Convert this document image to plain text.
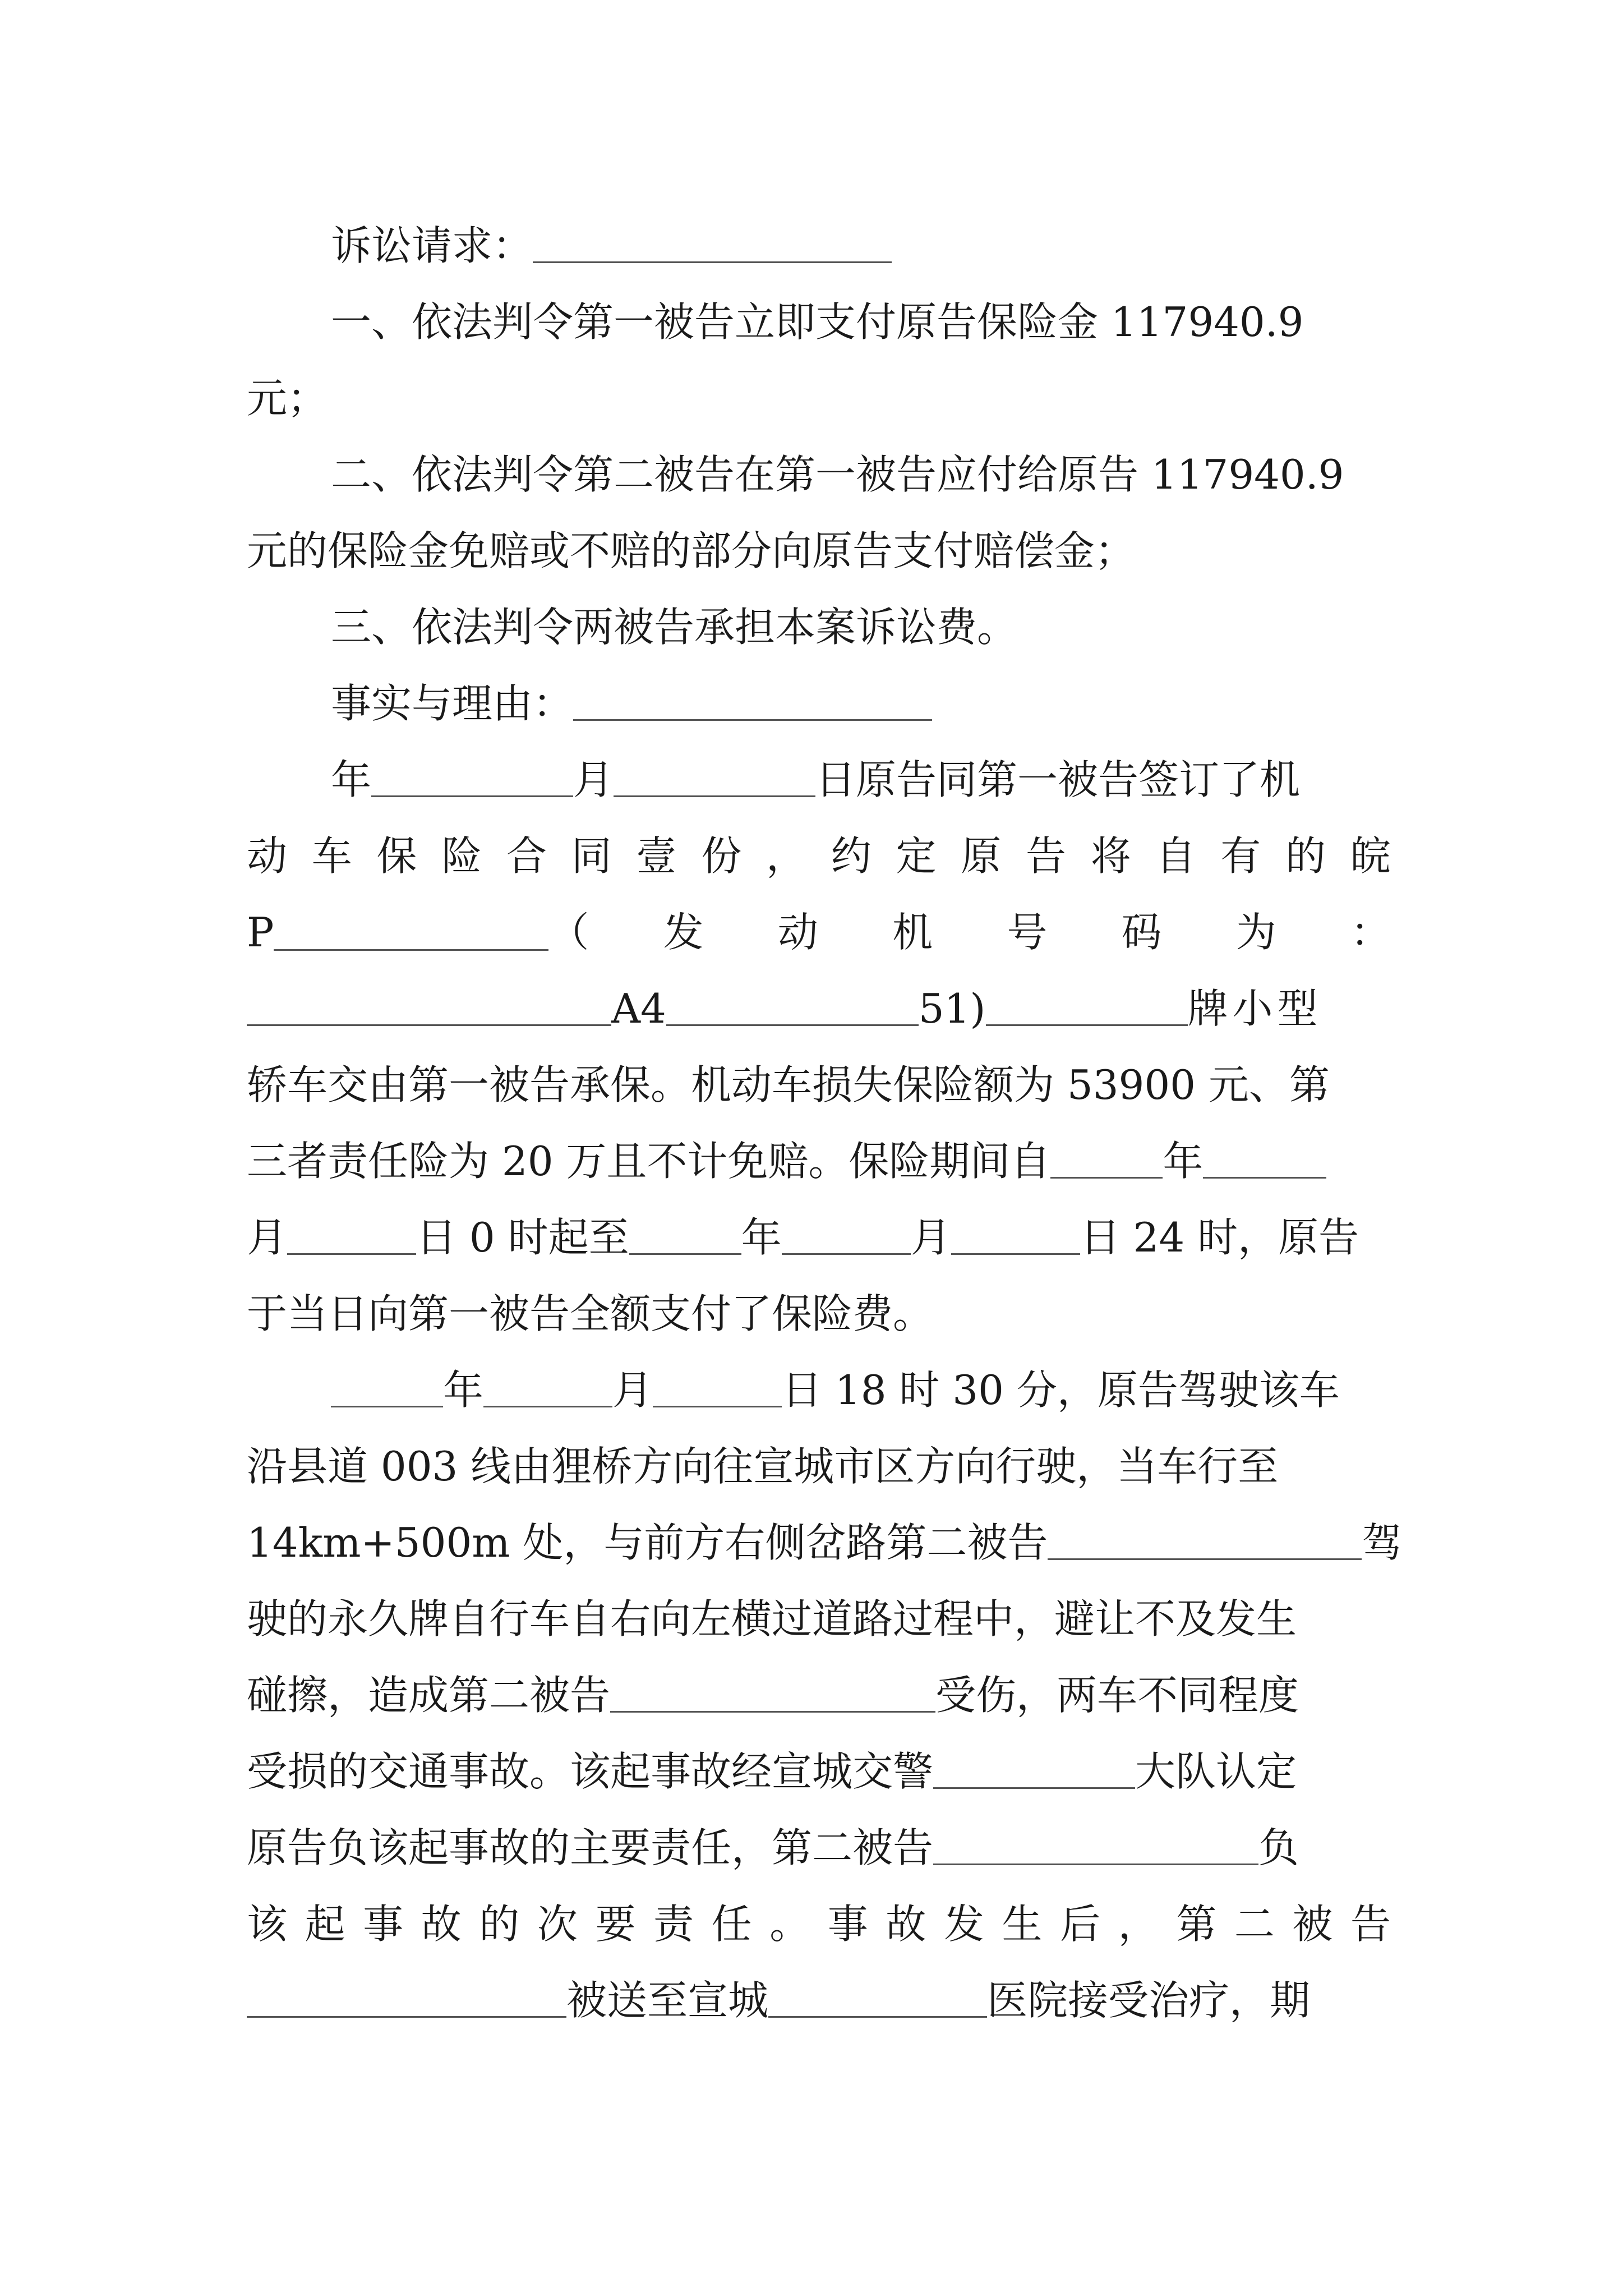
诉讼请求：
一、依法判令第一被告立即支付原告保险金 117940.9
元；
二、依法判令第二被告在第一被告应付给原告 117940.9
元的保险金免赔或不赔的部分向原告支付赔偿金；
三、依法判令两被告承担本案诉讼费。
事实与理由：
年	月	日原告同第一被告签订了机
动 车 保 险 合 同 壹 份 ， 约 定 原 告 将 自 有 的 皖
P	（ 发 动 机 号 码 为 ：
A4	51)	牌小型
轿车交由第一被告承保。机动车损失保险额为 53900 元、第
三者责任险为 20 万且不计免赔。保险期间自	年
月	日 0 时起至	年	月	日 24 时，原告
于当日向第一被告全额支付了保险费。
年	月	日 18 时 30 分，原告驾驶该车
沿县道 003 线由狸桥方向往宣城市区方向行驶，当车行至
14km+500m 处，与前方右侧岔路第二被告	驾
驶的永久牌自行车自右向左横过道路过程中，避让不及发生
碰擦，造成第二被告	受伤，两车不同程度
受损的交通事故。该起事故经宣城交警	大队认定
原告负该起事故的主要责任，第二被告	负
该 起 事 故 的 次 要 责 任 。 事 故 发 生 后 ， 第 二 被 告
被送至宣城	医院接受治疗，期
